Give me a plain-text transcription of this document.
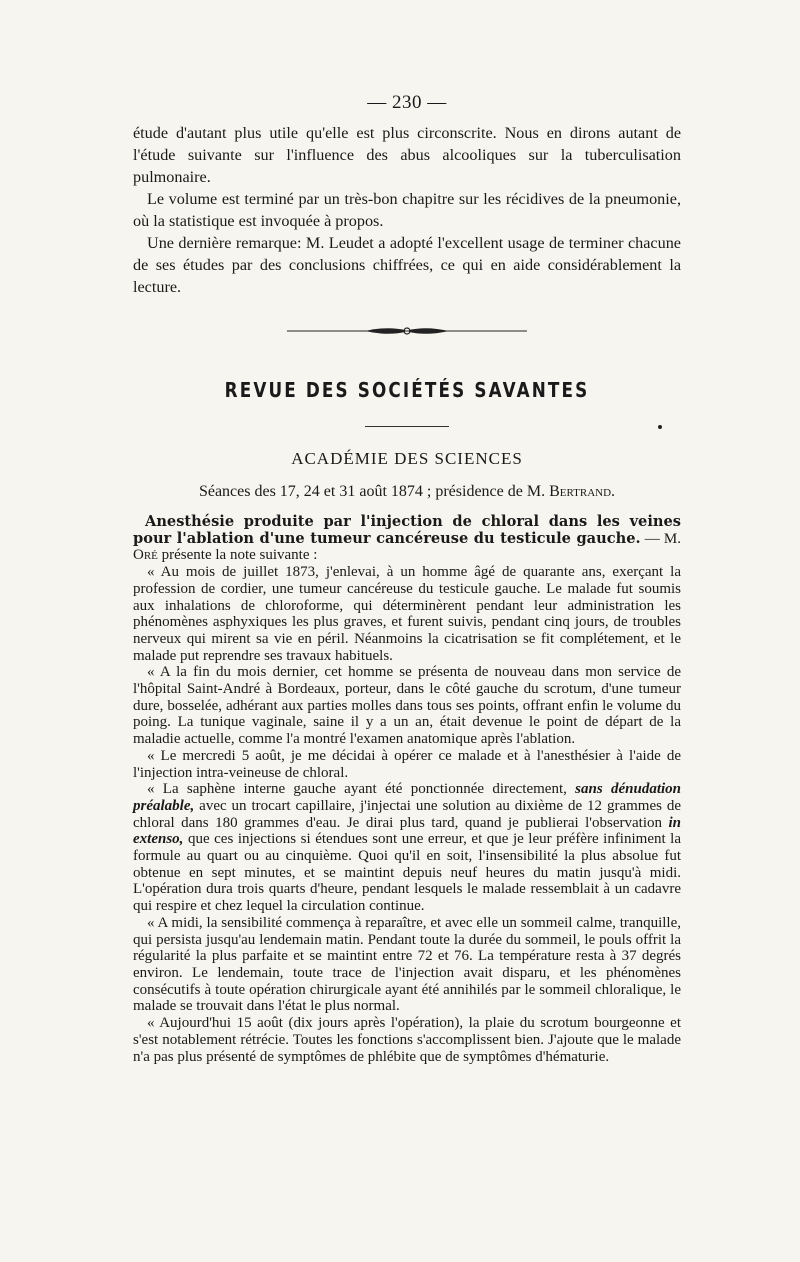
— 230 —

étude d'autant plus utile qu'elle est plus circonscrite. Nous en dirons autant de l'étude suivante sur l'influence des abus alcooliques sur la tuberculisation pulmonaire.

Le volume est terminé par un très-bon chapitre sur les récidives de la pneumonie, où la statistique est invoquée à propos.

Une dernière remarque: M. Leudet a adopté l'excellent usage de terminer chacune de ses études par des conclusions chiffrées, ce qui en aide considérablement la lecture.

REVUE DES SOCIÉTÉS SAVANTES
ACADÉMIE DES SCIENCES
Séances des 17, 24 et 31 août 1874 ; présidence de M. Bertrand.

Anesthésie produite par l'injection de chloral dans les veines pour l'ablation d'une tumeur cancéreuse du testicule gauche. — M. Oré présente la note suivante :

« Au mois de juillet 1873, j'enlevai, à un homme âgé de quarante ans, exerçant la profession de cordier, une tumeur cancéreuse du testicule gauche. Le malade fut soumis aux inhalations de chloroforme, qui déterminèrent pendant leur administration les phénomènes asphyxiques les plus graves, et furent suivis, pendant cinq jours, de troubles nerveux qui mirent sa vie en péril. Néanmoins la cicatrisation se fit complétement, et le malade put reprendre ses travaux habituels.

« A la fin du mois dernier, cet homme se présenta de nouveau dans mon service de l'hôpital Saint-André à Bordeaux, porteur, dans le côté gauche du scrotum, d'une tumeur dure, bosselée, adhérant aux parties molles dans tous ses points, offrant enfin le volume du poing. La tunique vaginale, saine il y a un an, était devenue le point de départ de la maladie actuelle, comme l'a montré l'examen anatomique après l'ablation.

« Le mercredi 5 août, je me décidai à opérer ce malade et à l'anesthésier à l'aide de l'injection intra-veineuse de chloral.

« La saphène interne gauche ayant été ponctionnée directement, sans dénudation préalable, avec un trocart capillaire, j'injectai une solution au dixième de 12 grammes de chloral dans 180 grammes d'eau. Je dirai plus tard, quand je publierai l'observation in extenso, que ces injections si étendues sont une erreur, et que je leur préfère infiniment la formule au quart ou au cinquième. Quoi qu'il en soit, l'insensibilité la plus absolue fut obtenue en sept minutes, et se maintint depuis neuf heures du matin jusqu'à midi. L'opération dura trois quarts d'heure, pendant lesquels le malade ressemblait à un cadavre qui respire et chez lequel la circulation continue.

« A midi, la sensibilité commença à reparaître, et avec elle un sommeil calme, tranquille, qui persista jusqu'au lendemain matin. Pendant toute la durée du sommeil, le pouls offrit la régularité la plus parfaite et se maintint entre 72 et 76. La température resta à 37 degrés environ. Le lendemain, toute trace de l'injection avait disparu, et les phénomènes consécutifs à toute opération chirurgicale ayant été annihilés par le sommeil chloralique, le malade se trouvait dans l'état le plus normal.

« Aujourd'hui 15 août (dix jours après l'opération), la plaie du scrotum bourgeonne et s'est notablement rétrécie. Toutes les fonctions s'accomplissent bien. J'ajoute que le malade n'a pas plus présenté de symptômes de phlébite que de symptômes d'hématurie.
